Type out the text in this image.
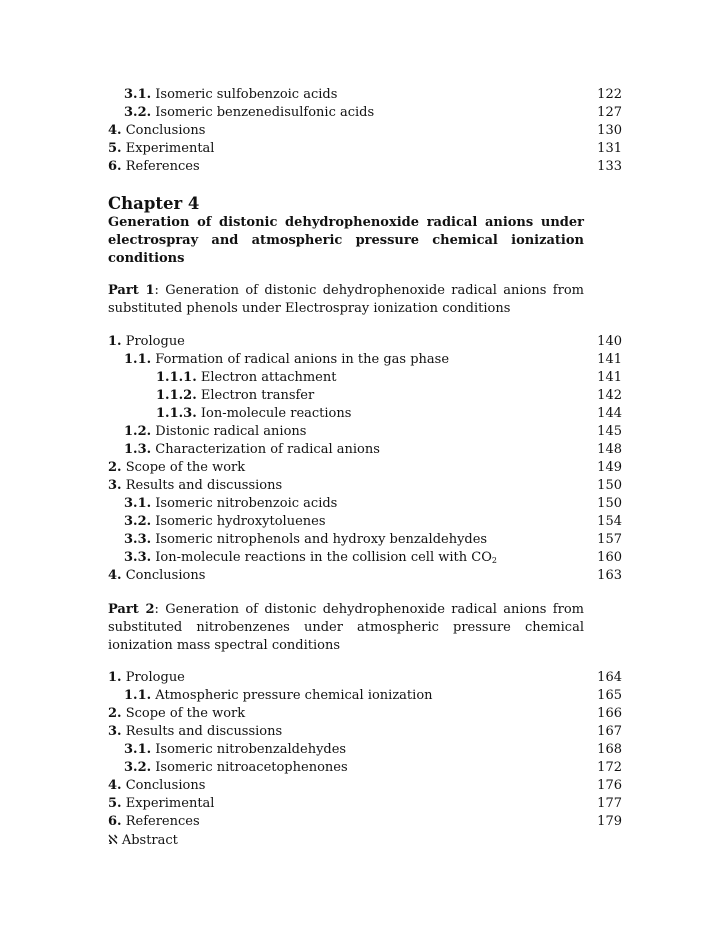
3.1. Isomeric sulfobenzoic acids	122
3.2. Isomeric benzenedisulfonic acids	127
4. Conclusions	130
5. Experimental	131
6. References	133
Chapter 4
Generation of distonic dehydrophenoxide radical anions under electrospray and atmospheric pressure chemical ionization conditions
Part 1: Generation of distonic dehydrophenoxide radical anions from substituted phenols under Electrospray ionization conditions
1. Prologue	140
1.1. Formation of radical anions in the gas phase	141
1.1.1. Electron attachment	141
1.1.2. Electron transfer	142
1.1.3. Ion-molecule reactions	144
1.2. Distonic radical anions	145
1.3. Characterization of radical anions	148
2. Scope of the work	149
3. Results and discussions	150
3.1. Isomeric nitrobenzoic acids	150
3.2. Isomeric hydroxytoluenes	154
3.3. Isomeric nitrophenols and hydroxy benzaldehydes	157
3.3. Ion-molecule reactions in the collision cell with $CO_2$	160
4. Conclusions	163
Part 2: Generation of distonic dehydrophenoxide radical anions from substituted nitrobenzenes under atmospheric pressure chemical ionization mass spectral conditions
1. Prologue	164
1.1. Atmospheric pressure chemical ionization	165
2. Scope of the work	166
3. Results and discussions	167
3.1. Isomeric nitrobenzaldehydes	168
3.2. Isomeric nitroacetophenones	172
4. Conclusions	176
5. Experimental	177
6. References	179
ℵ Abstract
